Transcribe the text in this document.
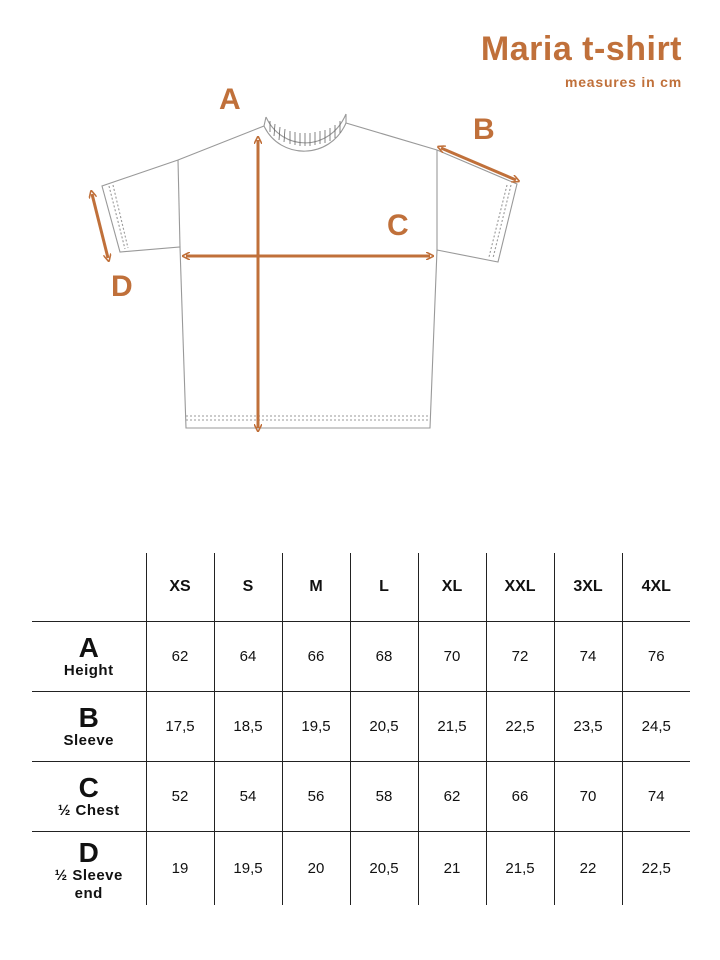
Maria t-shirt
measures in cm
A
B
C
D
	XS	S	M	L	XL	XXL	3XL	4XL

A
Height	62	64	66	68	70	72	74	76

B
Sleeve	17,5	18,5	19,5	20,5	21,5	22,5	23,5	24,5

C
½ Chest	52	54	56	58	62	66	70	74

D
½ Sleeve end	19	19,5	20	20,5	21	21,5	22	22,5
